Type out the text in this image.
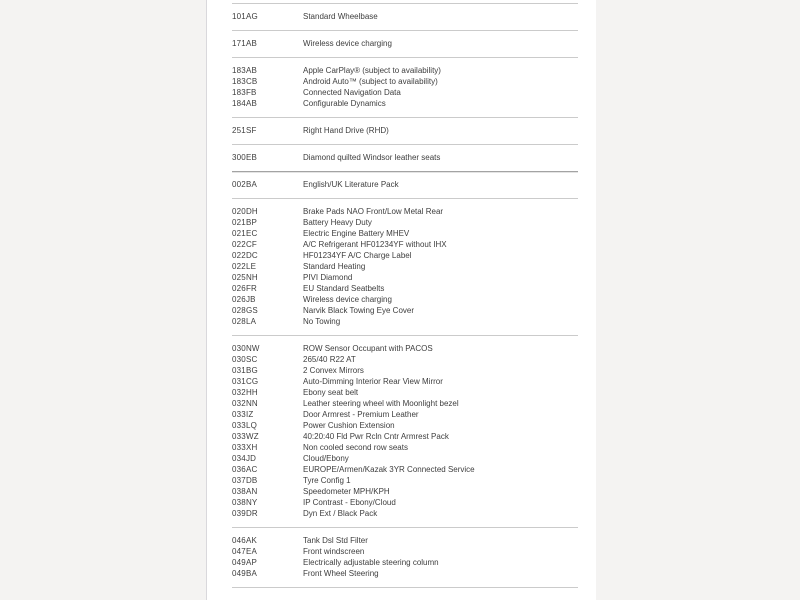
101AG	Standard Wheelbase
171AB	Wireless device charging
183AB	Apple CarPlay® (subject to availability)
183CB	Android Auto™ (subject to availability)
183FB	Connected Navigation Data
184AB	Configurable Dynamics
251SF	Right Hand Drive (RHD)
300EB	Diamond quilted Windsor leather seats
002BA	English/UK Literature Pack
020DH	Brake Pads NAO Front/Low Metal Rear
021BP	Battery Heavy Duty
021EC	Electric Engine Battery MHEV
022CF	A/C Refrigerant HF01234YF without IHX
022DC	HF01234YF A/C Charge Label
022LE	Standard Heating
025NH	PIVI Diamond
026FR	EU Standard Seatbelts
026JB	Wireless device charging
028GS	Narvik Black Towing Eye Cover
028LA	No Towing
030NW	ROW Sensor Occupant with PACOS
030SC	265/40 R22 AT
031BG	2 Convex Mirrors
031CG	Auto-Dimming Interior Rear View Mirror
032HH	Ebony seat belt
032NN	Leather steering wheel with Moonlight bezel
033IZ	Door Armrest - Premium Leather
033LQ	Power Cushion Extension
033WZ	40:20:40 Fld Pwr Rcln Cntr Armrest Pack
033XH	Non cooled second row seats
034JD	Cloud/Ebony
036AC	EUROPE/Armen/Kazak 3YR Connected Service
037DB	Tyre Config 1
038AN	Speedometer MPH/KPH
038NY	IP Contrast - Ebony/Cloud
039DR	Dyn Ext / Black Pack
046AK	Tank Dsl Std Filter
047EA	Front windscreen
049AP	Electrically adjustable steering column
049BA	Front Wheel Steering
